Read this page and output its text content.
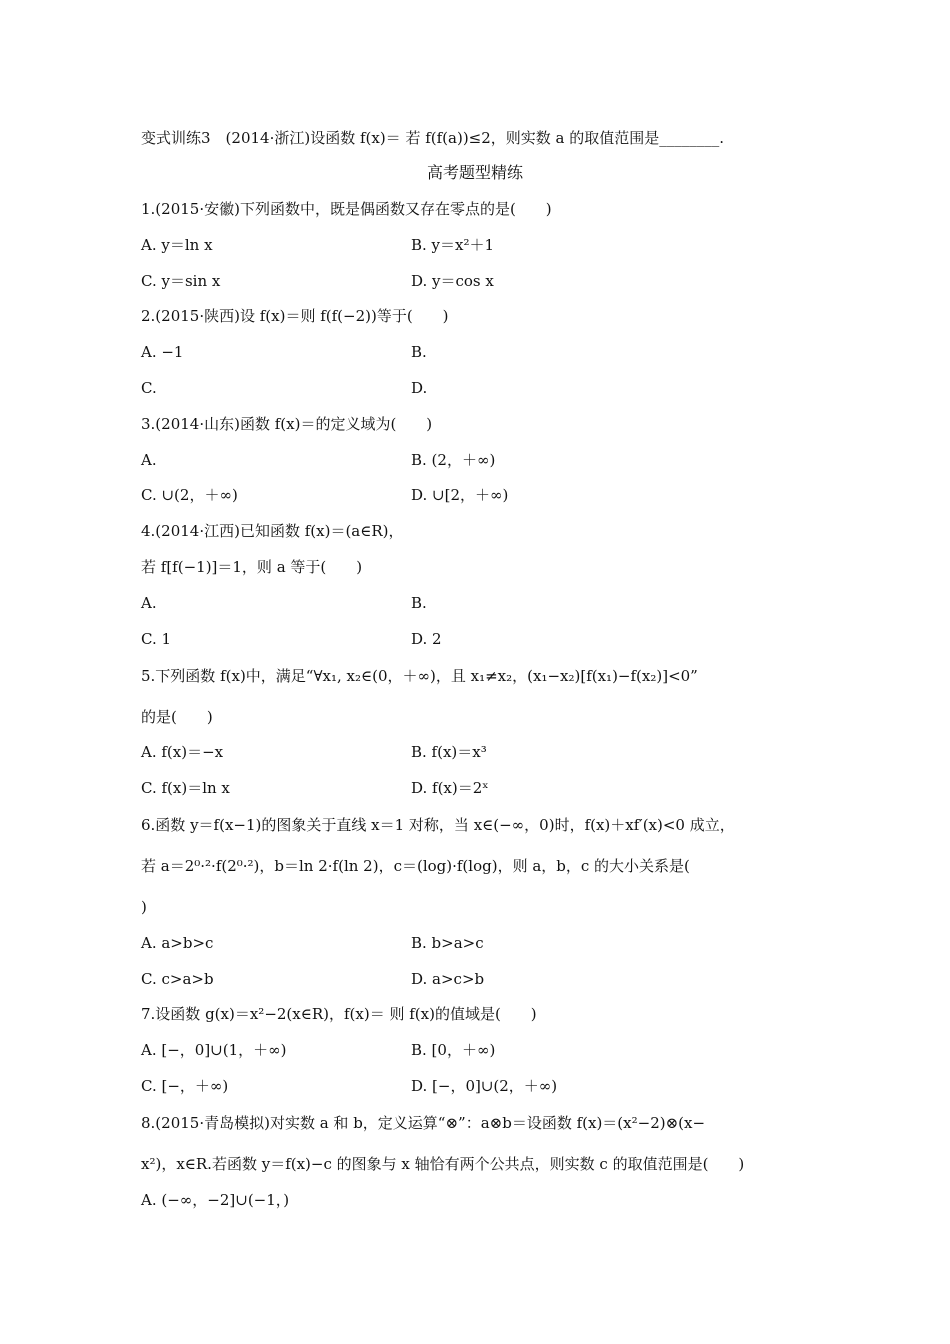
变式训练3　(2014·浙江)设函数 f(x)＝ 若 f(f(a))≤2，则实数 a 的取值范围是________.
高考题型精练
1.(2015·安徽)下列函数中，既是偶函数又存在零点的是(　　)
A. y＝ln x	B. y＝x²＋1
C. y＝sin x	D. y＝cos x
2.(2015·陕西)设 f(x)＝则 f(f(−2))等于(　　)
A. −1	B.
C.	D.
3.(2014·山东)函数 f(x)＝的定义域为(　　)
A.	B. (2，＋∞)
C. ∪(2，＋∞)	D. ∪[2，＋∞)
4.(2014·江西)已知函数 f(x)＝(a∈R)，
若 f[f(−1)]＝1，则 a 等于(　　)
A.	B.
C. 1	D. 2
5.下列函数 f(x)中，满足“∀x₁, x₂∈(0，＋∞)，且 x₁≠x₂，(x₁−x₂)[f(x₁)−f(x₂)]<0”
的是(　　)
A. f(x)＝−x	B. f(x)＝x³
C. f(x)＝ln x	D. f(x)＝2ˣ
6.函数 y＝f(x−1)的图象关于直线 x＝1 对称，当 x∈(−∞，0)时，f(x)＋xf′(x)<0 成立，
若 a＝2⁰·²·f(2⁰·²)，b＝ln 2·f(ln 2)，c＝(log)·f(log)，则 a，b，c 的大小关系是(
)
A. a>b>c	B. b>a>c
C. c>a>b	D. a>c>b
7.设函数 g(x)＝x²−2(x∈R)，f(x)＝ 则 f(x)的值域是(　　)
A. [−，0]∪(1，＋∞)	B. [0，＋∞)
C. [−，＋∞)	D. [−，0]∪(2，＋∞)
8.(2015·青岛模拟)对实数 a 和 b，定义运算“⊗”：a⊗b＝设函数 f(x)＝(x²−2)⊗(x−
x²)，x∈R.若函数 y＝f(x)−c 的图象与 x 轴恰有两个公共点，则实数 c 的取值范围是(　　)
A. (−∞，−2]∪(−1，)
